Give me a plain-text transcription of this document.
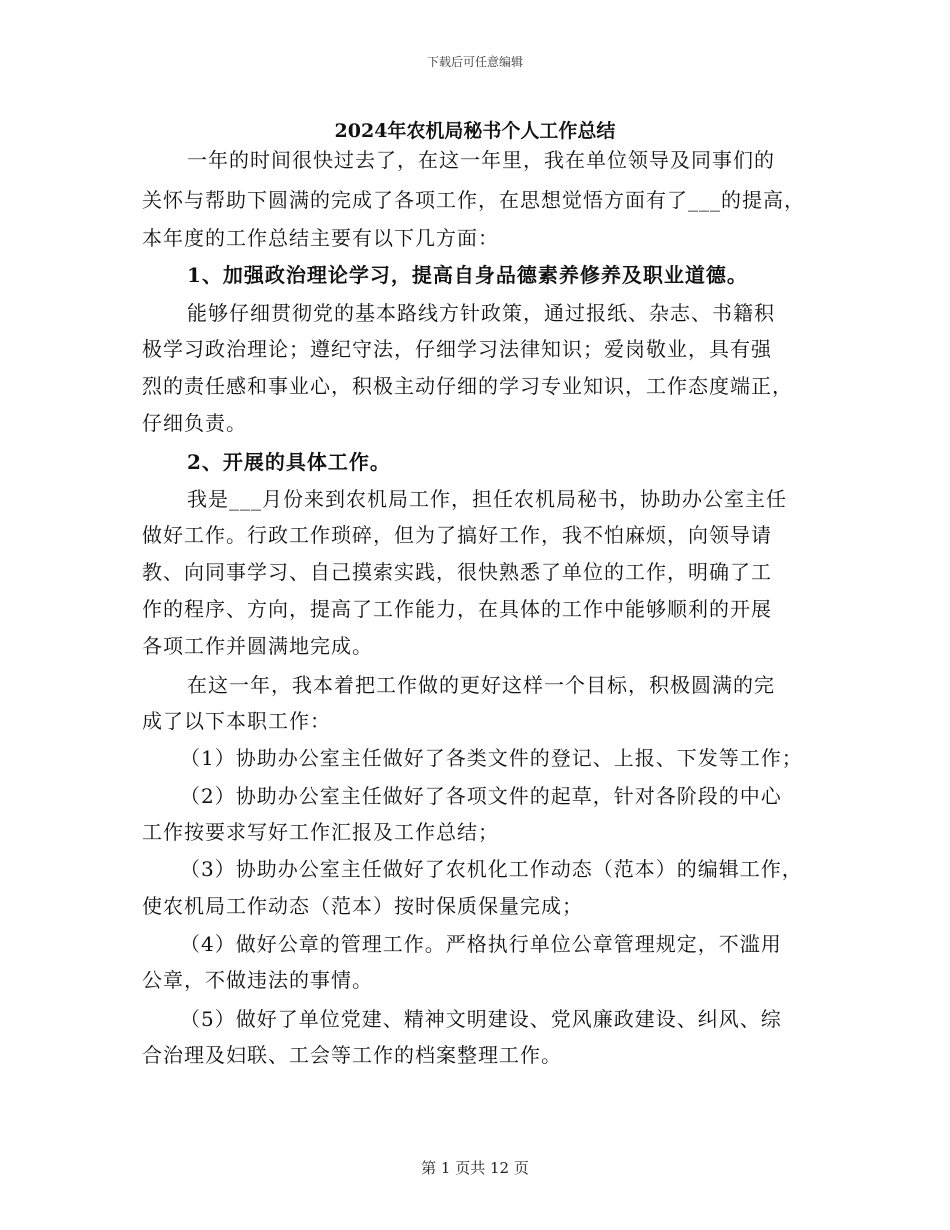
下载后可任意编辑
2024年农机局秘书个人工作总结
一年的时间很快过去了，在这一年里，我在单位领导及同事们的
关怀与帮助下圆满的完成了各项工作，在思想觉悟方面有了___的提高，
本年度的工作总结主要有以下几方面：
1、加强政治理论学习，提高自身品德素养修养及职业道德。
能够仔细贯彻党的基本路线方针政策，通过报纸、杂志、书籍积
极学习政治理论；遵纪守法，仔细学习法律知识；爱岗敬业，具有强
烈的责任感和事业心，积极主动仔细的学习专业知识，工作态度端正，
仔细负责。
2、开展的具体工作。
我是___月份来到农机局工作，担任农机局秘书，协助办公室主任
做好工作。行政工作琐碎，但为了搞好工作，我不怕麻烦，向领导请
教、向同事学习、自己摸索实践，很快熟悉了单位的工作，明确了工
作的程序、方向，提高了工作能力，在具体的工作中能够顺利的开展
各项工作并圆满地完成。
在这一年，我本着把工作做的更好这样一个目标，积极圆满的完
成了以下本职工作：
（1）协助办公室主任做好了各类文件的登记、上报、下发等工作；
（2）协助办公室主任做好了各项文件的起草，针对各阶段的中心
工作按要求写好工作汇报及工作总结；
（3）协助办公室主任做好了农机化工作动态（范本）的编辑工作，
使农机局工作动态（范本）按时保质保量完成；
（4）做好公章的管理工作。严格执行单位公章管理规定，不滥用
公章，不做违法的事情。
（5）做好了单位党建、精神文明建设、党风廉政建设、纠风、综
合治理及妇联、工会等工作的档案整理工作。
第 1 页共 12 页
